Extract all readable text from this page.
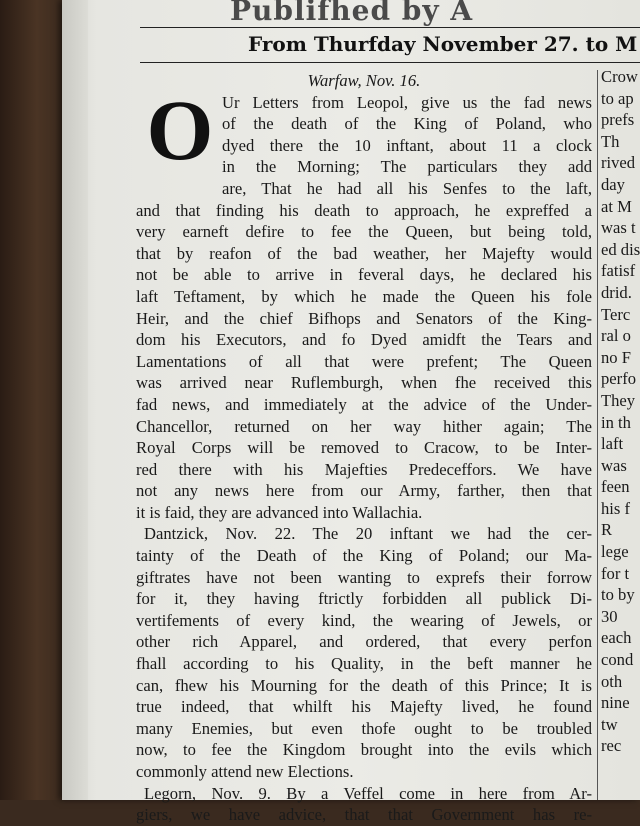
Publifhed by A
From Thurfday November 27. to M
O
Warfaw, Nov. 16.
Ur Letters from Leopol, give us the fad news
of the death of the King of Poland, who
dyed there the 10 inftant, about 11 a clock
in the Morning; The particulars they add
are, That he had all his Senfes to the laft,
and that finding his death to approach, he expreffed a
very earneft defire to fee the Queen, but being told,
that by reafon of the bad weather, her Majefty would
not be able to arrive in feveral days, he declared his
laft Teftament, by which he made the Queen his fole
Heir, and the chief Bifhops and Senators of the King-
dom his Executors, and fo Dyed amidft the Tears and
Lamentations of all that were prefent; The Queen
was arrived near Ruflemburgh, when fhe received this
fad news, and immediately at the advice of the Under-
Chancellor, returned on her way hither again; The
Royal Corps will be removed to Cracow, to be Inter-
red there with his Majefties Predeceffors. We have
not any news here from our Army, farther, then that
it is faid, they are advanced into Wallachia.
Dantzick, Nov. 22. The 20 inftant we had the cer-
tainty of the Death of the King of Poland; our Ma-
giftrates have not been wanting to exprefs their forrow
for it, they having ftrictly forbidden all publick Di-
vertifements of every kind, the wearing of Jewels, or
other rich Apparel, and ordered, that every perfon
fhall according to his Quality, in the beft manner he
can, fhew his Mourning for the death of this Prince; It is
true indeed, that whilft his Majefty lived, he found
many Enemies, but even thofe ought to be troubled
now, to fee the Kingdom brought into the evils which
commonly attend new Elections.
Legorn, Nov. 9. By a Veffel come in here from Ar-
giers, we have advice, that that Government has re-
Crow
to ap
prefs
Th
rived
day
at M
was t
ed dis
fatisf
drid.
Terc
ral o
no F
perfo
They
in th
laft
was
feen
his f
R
lege
for t
to by
30
each
cond
oth
nine
tw
rec
